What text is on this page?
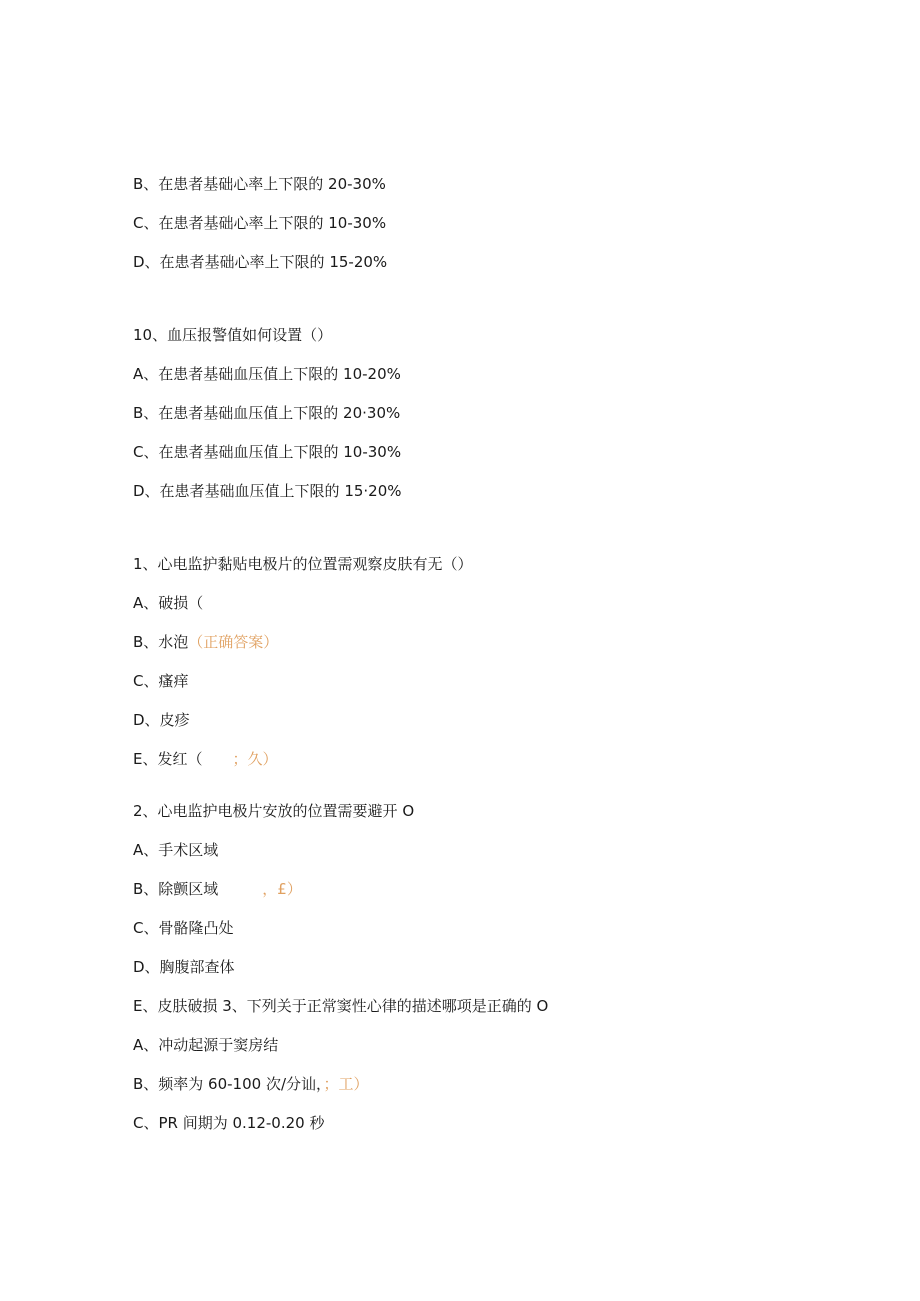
B、在患者基础心率上下限的 20-30%
C、在患者基础心率上下限的 10-30%
D、在患者基础心率上下限的 15-20%
10、血压报警值如何设置（）
A、在患者基础血压值上下限的 10-20%
B、在患者基础血压值上下限的 20·30%
C、在患者基础血压值上下限的 10-30%
D、在患者基础血压值上下限的 15·20%
1、心电监护黏贴电极片的位置需观察皮肤有无（）
A、破损（
B、水泡（正确答案）
C、瘙痒
D、皮疹
E、发红（ ；久）
2、心电监护电极片安放的位置需要避开 O
A、手术区域
B、除颤区域	，£）
C、骨骼隆凸处
D、胸腹部查体
E、皮肤破损 3、下列关于正常窦性心律的描述哪项是正确的 O
A、冲动起源于窦房结
B、频率为 60-100 次/分讪，；工）
C、PR 间期为 0.12-0.20 秒
